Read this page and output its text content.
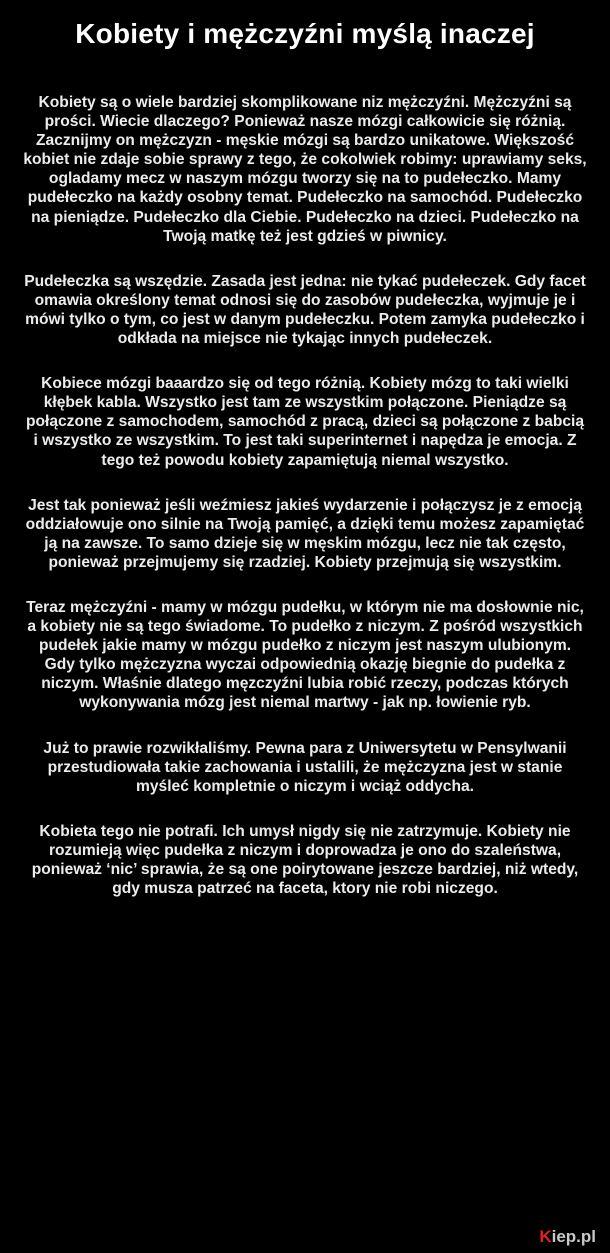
Kobiety i mężczyźni myślą inaczej

Kobiety są o wiele bardziej skomplikowane niz mężczyźni. Mężczyźni są prości. Wiecie dlaczego? Ponieważ nasze mózgi całkowicie się różnią. Zacznijmy on mężczyzn - męskie mózgi są bardzo unikatowe. Większość kobiet nie zdaje sobie sprawy z tego, że cokolwiek robimy: uprawiamy seks, ogladamy mecz w naszym mózgu tworzy się na to pudełeczko. Mamy pudełeczko na każdy osobny temat. Pudełeczko na samochód. Pudełeczko na pieniądze. Pudełeczko dla Ciebie. Pudełeczko na dzieci. Pudełeczko na Twoją matkę też jest gdzieś w piwnicy.

Pudełeczka są wszędzie. Zasada jest jedna: nie tykać pudełeczek. Gdy facet omawia określony temat odnosi się do zasobów pudełeczka, wyjmuje je i mówi tylko o tym, co jest w danym pudełeczku. Potem zamyka pudełeczko i odkłada na miejsce nie tykając innych pudełeczek.

Kobiece mózgi baaardzo się od tego różnią. Kobiety mózg to taki wielki kłębek kabla. Wszystko jest tam ze wszystkim połączone. Pieniądze są połączone z samochodem, samochód z pracą, dzieci są połączone z babcią i wszystko ze wszystkim. To jest taki superinternet i napędza je emocja. Z tego też powodu kobiety zapamiętują niemal wszystko.

Jest tak ponieważ jeśli weźmiesz jakieś wydarzenie i połączysz je z emocją oddziałowuje ono silnie na Twoją pamięć, a dzięki temu możesz zapamiętać ją na zawsze. To samo dzieje się w męskim mózgu, lecz nie tak często, ponieważ przejmujemy się rzadziej. Kobiety przejmują się wszystkim.

Teraz mężczyźni - mamy w mózgu pudełku, w którym nie ma dosłownie nic, a kobiety nie są tego świadome. To pudełko z niczym. Z pośród wszystkich pudełek jakie mamy w mózgu pudełko z niczym jest naszym ulubionym. Gdy tylko mężczyzna wyczai odpowiednią okazję biegnie do pudełka z niczym. Właśnie dlatego męzczyźni lubia robić rzeczy, podczas których wykonywania mózg jest niemal martwy - jak np. łowienie ryb.

Już to prawie rozwikłaliśmy. Pewna para z Uniwersytetu w Pensylwanii przestudiowała takie zachowania i ustalili, że mężczyzna jest w stanie myśleć kompletnie o niczym i wciąż oddycha.

Kobieta tego nie potrafi. Ich umysł nigdy się nie zatrzymuje. Kobiety nie rozumieją więc pudełka z niczym i doprowadza je ono do szaleństwa, ponieważ ‘nic’ sprawia, że są one poirytowane jeszcze bardziej, niż wtedy, gdy musza patrzeć na faceta, ktory nie robi niczego.

Kiep.pl
